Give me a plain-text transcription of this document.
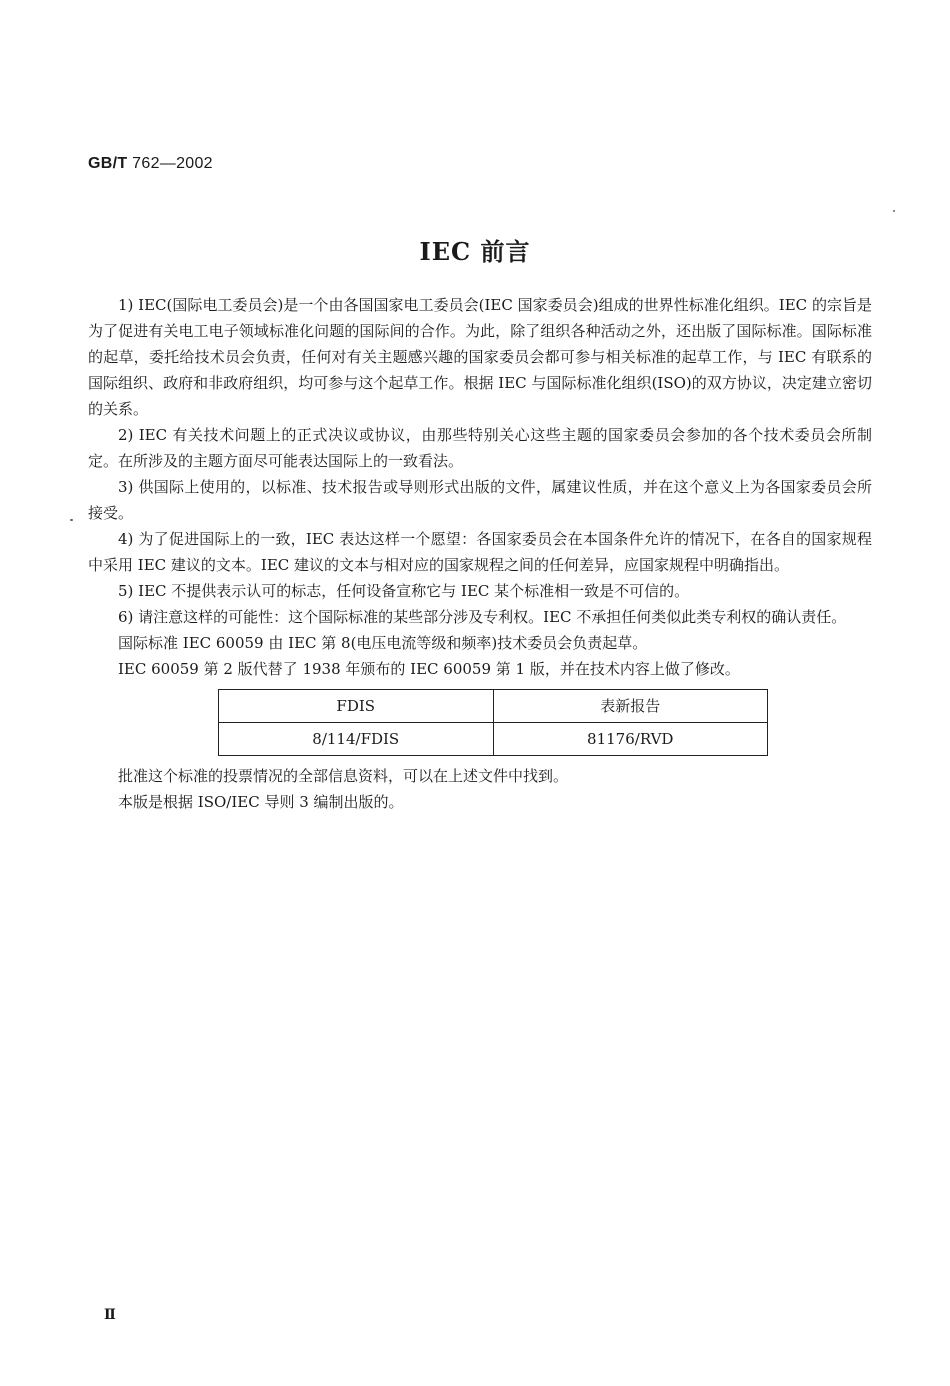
GB/T 762—2002
IEC 前言

1) IEC(国际电工委员会)是一个由各国国家电工委员会(IEC 国家委员会)组成的世界性标准化组织。IEC 的宗旨是为了促进有关电工电子领域标准化问题的国际间的合作。为此，除了组织各种活动之外，还出版了国际标准。国际标准的起草，委托给技术员会负责，任何对有关主题感兴趣的国家委员会都可参与相关标准的起草工作，与 IEC 有联系的国际组织、政府和非政府组织，均可参与这个起草工作。根据 IEC 与国际标准化组织(ISO)的双方协议，决定建立密切的关系。

2) IEC 有关技术问题上的正式决议或协议，由那些特别关心这些主题的国家委员会参加的各个技术委员会所制定。在所涉及的主题方面尽可能表达国际上的一致看法。

3) 供国际上使用的，以标准、技术报告或导则形式出版的文件，属建议性质，并在这个意义上为各国家委员会所接受。

4) 为了促进国际上的一致，IEC 表达这样一个愿望：各国家委员会在本国条件允许的情况下，在各自的国家规程中采用 IEC 建议的文本。IEC 建议的文本与相对应的国家规程之间的任何差异，应国家规程中明确指出。

5) IEC 不提供表示认可的标志，任何设备宣称它与 IEC 某个标准相一致是不可信的。

6) 请注意这样的可能性：这个国际标准的某些部分涉及专利权。IEC 不承担任何类似此类专利权的确认责任。

国际标准 IEC 60059 由 IEC 第 8(电压电流等级和频率)技术委员会负责起草。

IEC 60059 第 2 版代替了 1938 年颁布的 IEC 60059 第 1 版，并在技术内容上做了修改。

FDIS	表新报告
8/114/FDIS	81176/RVD

批准这个标准的投票情况的全部信息资料，可以在上述文件中找到。

本版是根据 ISO/IEC 导则 3 编制出版的。

Ⅱ
